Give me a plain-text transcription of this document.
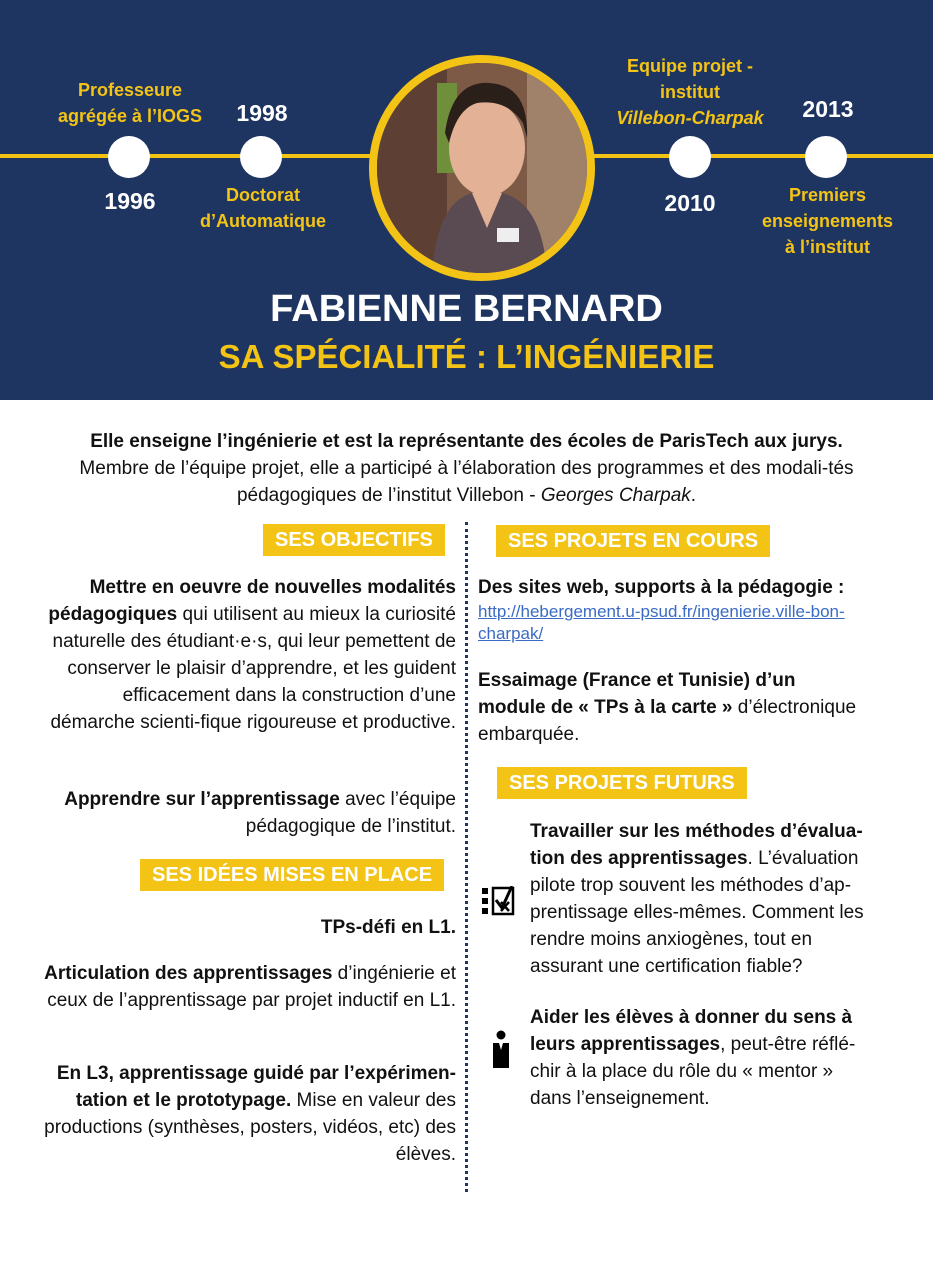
Professeure
agrégée à l’IOGS
1996
1998
Doctorat
d’Automatique
Equipe projet -
institut
Villebon-Charpak
2010
2013
Premiers
enseignements
à l’institut
FABIENNE BERNARD
SA SPÉCIALITÉ : L’INGÉNIERIE
Elle enseigne l’ingénierie et est la représentante des écoles de ParisTech aux jurys.
Membre de l’équipe projet, elle a participé à l’élaboration des programmes et des modali-tés pédagogiques de l’institut Villebon - Georges Charpak.
SES OBJECTIFS
Mettre en oeuvre de nouvelles modalités pédagogiques qui utilisent au mieux la curiosité naturelle des étudiant·e·s, qui leur pemettent de conserver le plaisir d’apprendre, et les guident efficacement dans la construction d’une démarche scienti-fique rigoureuse et productive.
Apprendre sur l’apprentissage avec l’équipe pédagogique de l’institut.
SES IDÉES MISES EN PLACE
TPs-défi en L1.
Articulation des apprentissages d’ingénierie et ceux de l’apprentissage par projet inductif en L1.
En L3, apprentissage guidé par l’expérimen-tation et le prototypage. Mise en valeur des productions (synthèses, posters, vidéos, etc) des élèves.
SES PROJETS EN COURS
Des sites web, supports à la pédagogie :
http://hebergement.u-psud.fr/ingenierie.ville-bon-charpak/
Essaimage (France et Tunisie) d’un module de « TPs à la carte » d’électronique embarquée.
SES PROJETS FUTURS
Travailler sur les méthodes d’évalua-tion des apprentissages. L’évaluation pilote trop souvent les méthodes d’ap-prentissage elles-mêmes. Comment les rendre moins anxiogènes, tout en assurant une certification fiable?
Aider les élèves à donner du sens à leurs apprentissages, peut-être réflé-chir à la place du rôle du « mentor » dans l’enseignement.
